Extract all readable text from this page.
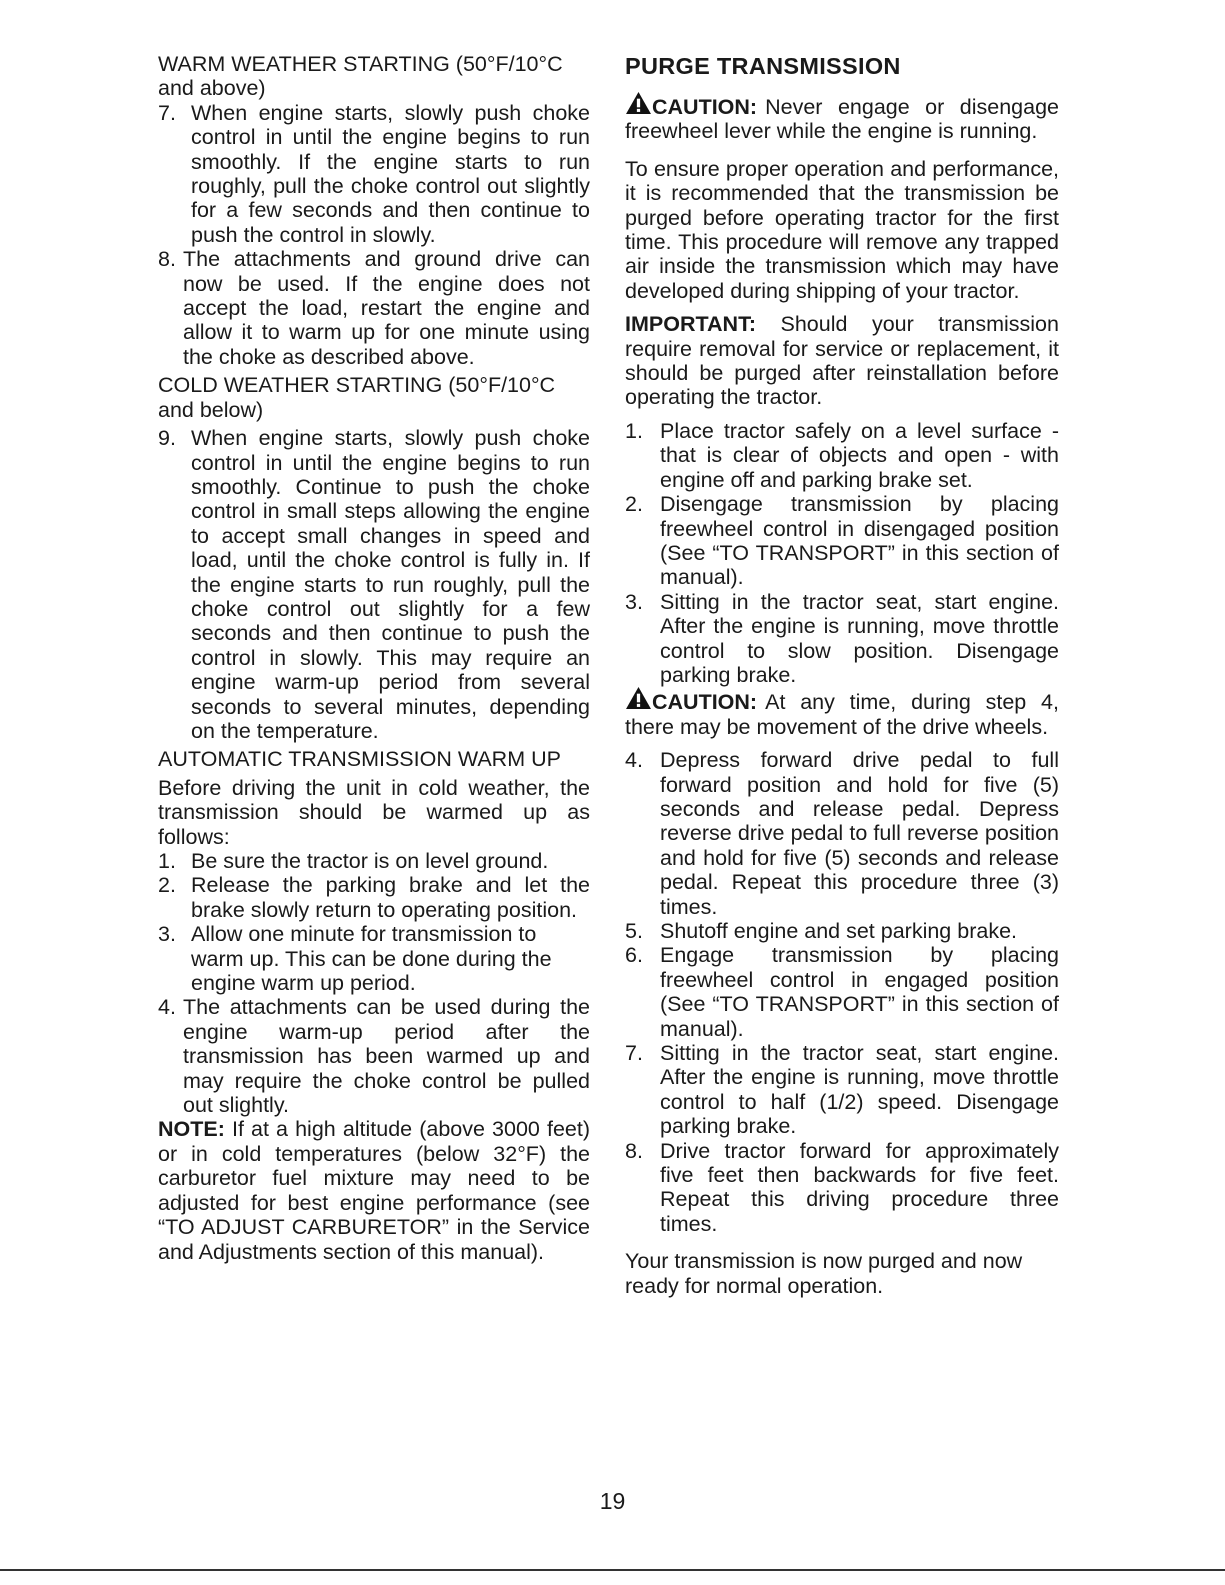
WARM WEATHER STARTING (50°F/10°C

and above)

7. When engine starts, slowly push choke control in until the engine begins to run smoothly. If the engine starts to run roughly, pull the choke control out slightly for a few seconds and then continue to push the control in slowly.
8. The attachments and ground drive can now be used. If the engine does not accept the load, restart the engine and allow it to warm up for one minute using the choke as described above.

COLD WEATHER STARTING (50°F/10°C

and below)

9. When engine starts, slowly push choke control in until the engine begins to run smoothly. Continue to push the choke control in small steps allowing the engine to accept small changes in speed and load, until the choke control is fully in. If the engine starts to run roughly, pull the choke control out slightly for a few seconds and then continue to push the control in slowly. This may require an engine warm-up period from several seconds to several minutes, depending on the temperature.

AUTOMATIC TRANSMISSION WARM UP

Before driving the unit in cold weather, the transmission should be warmed up as follows:

1. Be sure the tractor is on level ground.
2. Release the parking brake and let the brake slowly return to operating position.
3. Allow one minute for transmission to warm up. This can be done during the engine warm up period.
4. The attachments can be used during the engine warm-up period after the transmission has been warmed up and may require the choke control be pulled out slightly.

NOTE: If at a high altitude (above 3000 feet) or in cold temperatures (below 32°F) the carburetor fuel mixture may need to be adjusted for best engine performance (see “TO ADJUST CARBURETOR” in the Service and Adjustments section of this manual).

PURGE TRANSMISSION

CAUTION: Never engage or disengage freewheel lever while the engine is running.

To ensure proper operation and performance, it is recommended that the transmission be purged before operating tractor for the first time. This procedure will remove any trapped air inside the transmission which may have developed during shipping of your tractor.

IMPORTANT: Should your transmission require removal for service or replacement, it should be purged after reinstallation before operating the tractor.

1. Place tractor safely on a level surface - that is clear of objects and open - with engine off and parking brake set.
2. Disengage transmission by placing freewheel control in disengaged position (See “TO TRANSPORT” in this section of manual).
3. Sitting in the tractor seat, start engine. After the engine is running, move throttle control to slow position. Disengage parking brake.

CAUTION: At any time, during step 4, there may be movement of the drive wheels.

4. Depress forward drive pedal to full forward position and hold for five (5) seconds and release pedal. Depress reverse drive pedal to full reverse position and hold for five (5) seconds and release pedal. Repeat this procedure three (3) times.
5. Shutoff engine and set parking brake.
6. Engage transmission by placing freewheel control in engaged position (See “TO TRANSPORT” in this section of manual).
7. Sitting in the tractor seat, start engine. After the engine is running, move throttle control to half (1/2) speed. Disengage parking brake.
8. Drive tractor forward for approximately five feet then backwards for five feet. Repeat this driving procedure three times.

Your transmission is now purged and now ready for normal operation.

19
